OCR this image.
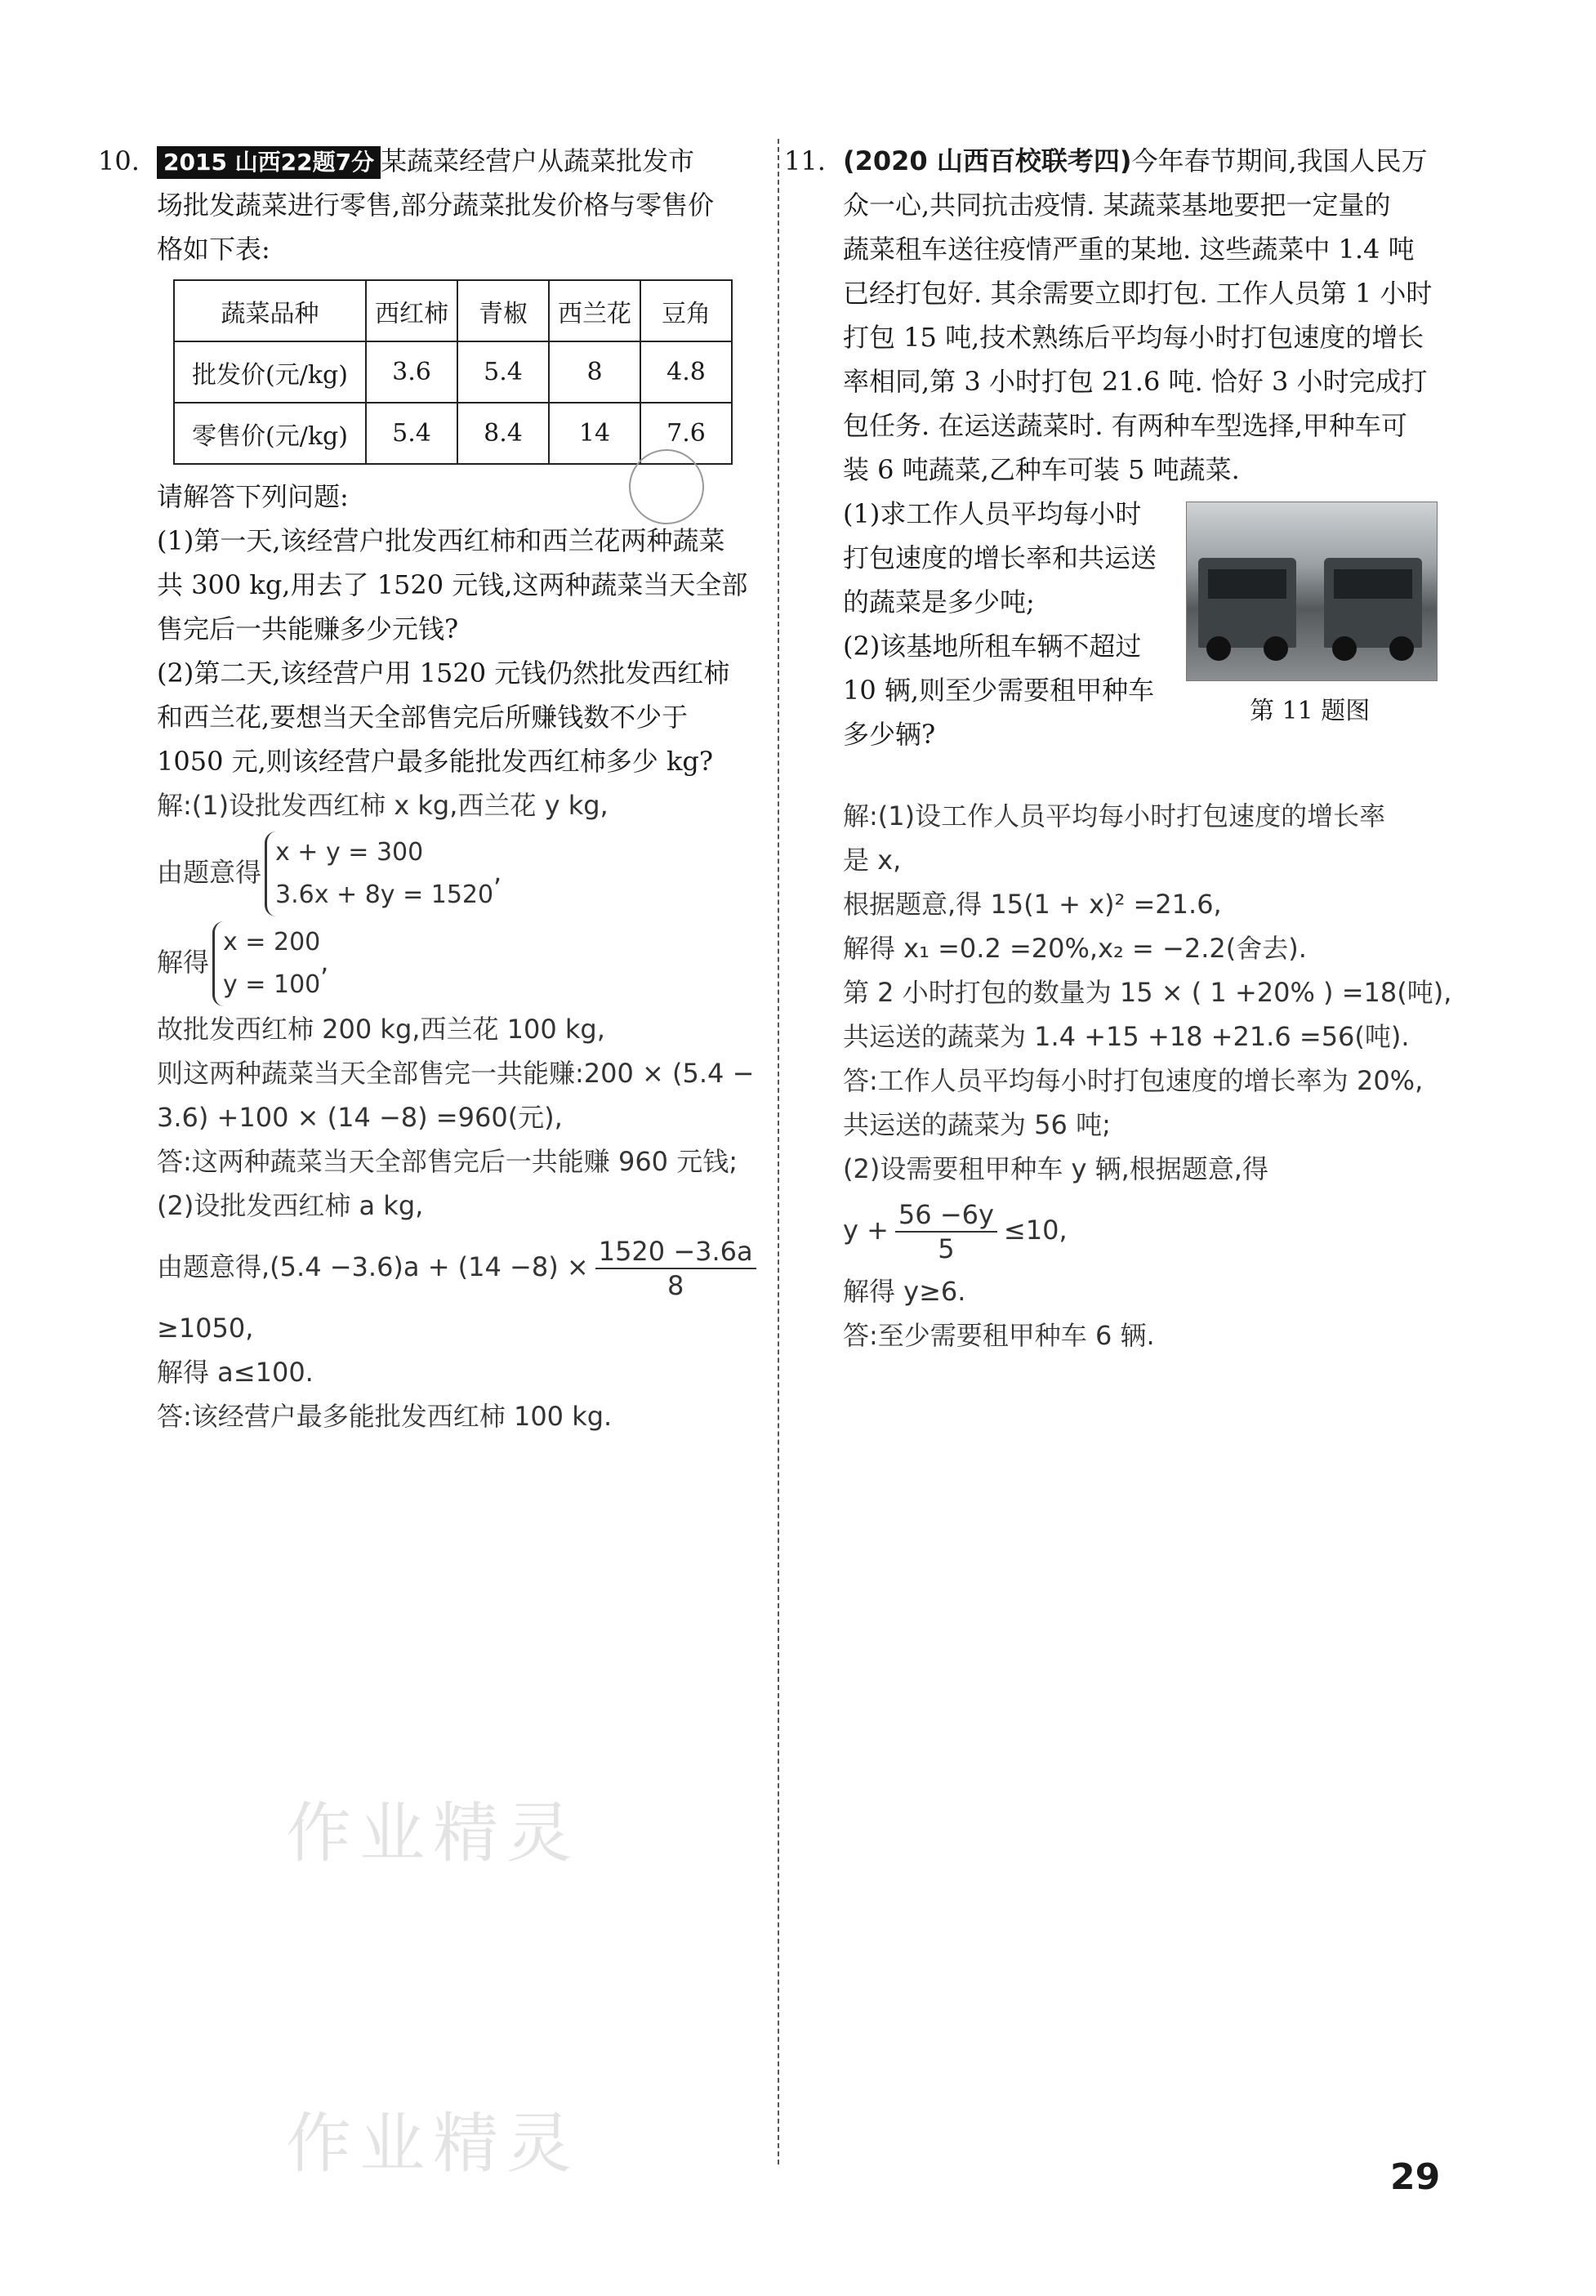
10. 2015 山西22题7分 某蔬菜经营户从蔬菜批发市
场批发蔬菜进行零售,部分蔬菜批发价格与零售价
格如下表:
蔬菜品种	西红柿	青椒	西兰花	豆角
批发价(元/kg)	3.6	5.4	8	4.8
零售价(元/kg)	5.4	8.4	14	7.6
请解答下列问题:
(1)第一天,该经营户批发西红柿和西兰花两种蔬菜
共 300 kg,用去了 1520 元钱,这两种蔬菜当天全部
售完后一共能赚多少元钱?
(2)第二天,该经营户用 1520 元钱仍然批发西红柿
和西兰花,要想当天全部售完后所赚钱数不少于
1050 元,则该经营户最多能批发西红柿多少 kg?
解:(1)设批发西红柿 x kg,西兰花 y kg,
由题意得
x + y = 300
3.6x + 8y = 1520
,
解得
x = 200
y = 100
,
故批发西红柿 200 kg,西兰花 100 kg,
则这两种蔬菜当天全部售完一共能赚:200 × (5.4 −
3.6) +100 × (14 −8) =960(元),
答:这两种蔬菜当天全部售完后一共能赚 960 元钱;
(2)设批发西红柿 a kg,
由题意得$,(5.4 -3.6)a + (14 -8) \times \frac{1520 -3.6a}{8}$
≥1050,
解得 a≤100.
答:该经营户最多能批发西红柿 100 kg.
11. (2020 山西百校联考四)今年春节期间,我国人民万
众一心,共同抗击疫情. 某蔬菜基地要把一定量的
蔬菜租车送往疫情严重的某地. 这些蔬菜中 1.4 吨
已经打包好. 其余需要立即打包. 工作人员第 1 小时
打包 15 吨,技术熟练后平均每小时打包速度的增长
率相同,第 3 小时打包 21.6 吨. 恰好 3 小时完成打
包任务. 在运送蔬菜时. 有两种车型选择,甲种车可
装 6 吨蔬菜,乙种车可装 5 吨蔬菜.
(1)求工作人员平均每小时
打包速度的增长率和共运送
的蔬菜是多少吨;
(2)该基地所租车辆不超过
10 辆,则至少需要租甲种车
多少辆?
第 11 题图
解:(1)设工作人员平均每小时打包速度的增长率
是 x,
根据题意,得 15(1 + x)² =21.6,
解得 x₁ =0.2 =20%,x₂ = −2.2(舍去).
第 2 小时打包的数量为 15 × ( 1 +20% ) =18(吨),
共运送的蔬菜为 1.4 +15 +18 +21.6 =56(吨).
答:工作人员平均每小时打包速度的增长率为 20%,
共运送的蔬菜为 56 吨;
(2)设需要租甲种车 y 辆,根据题意,得
$y + \frac{56 -6y}{5} \le 10$,
解得 y≥6.
答:至少需要租甲种车 6 辆.
作业精灵
作业精灵	29
